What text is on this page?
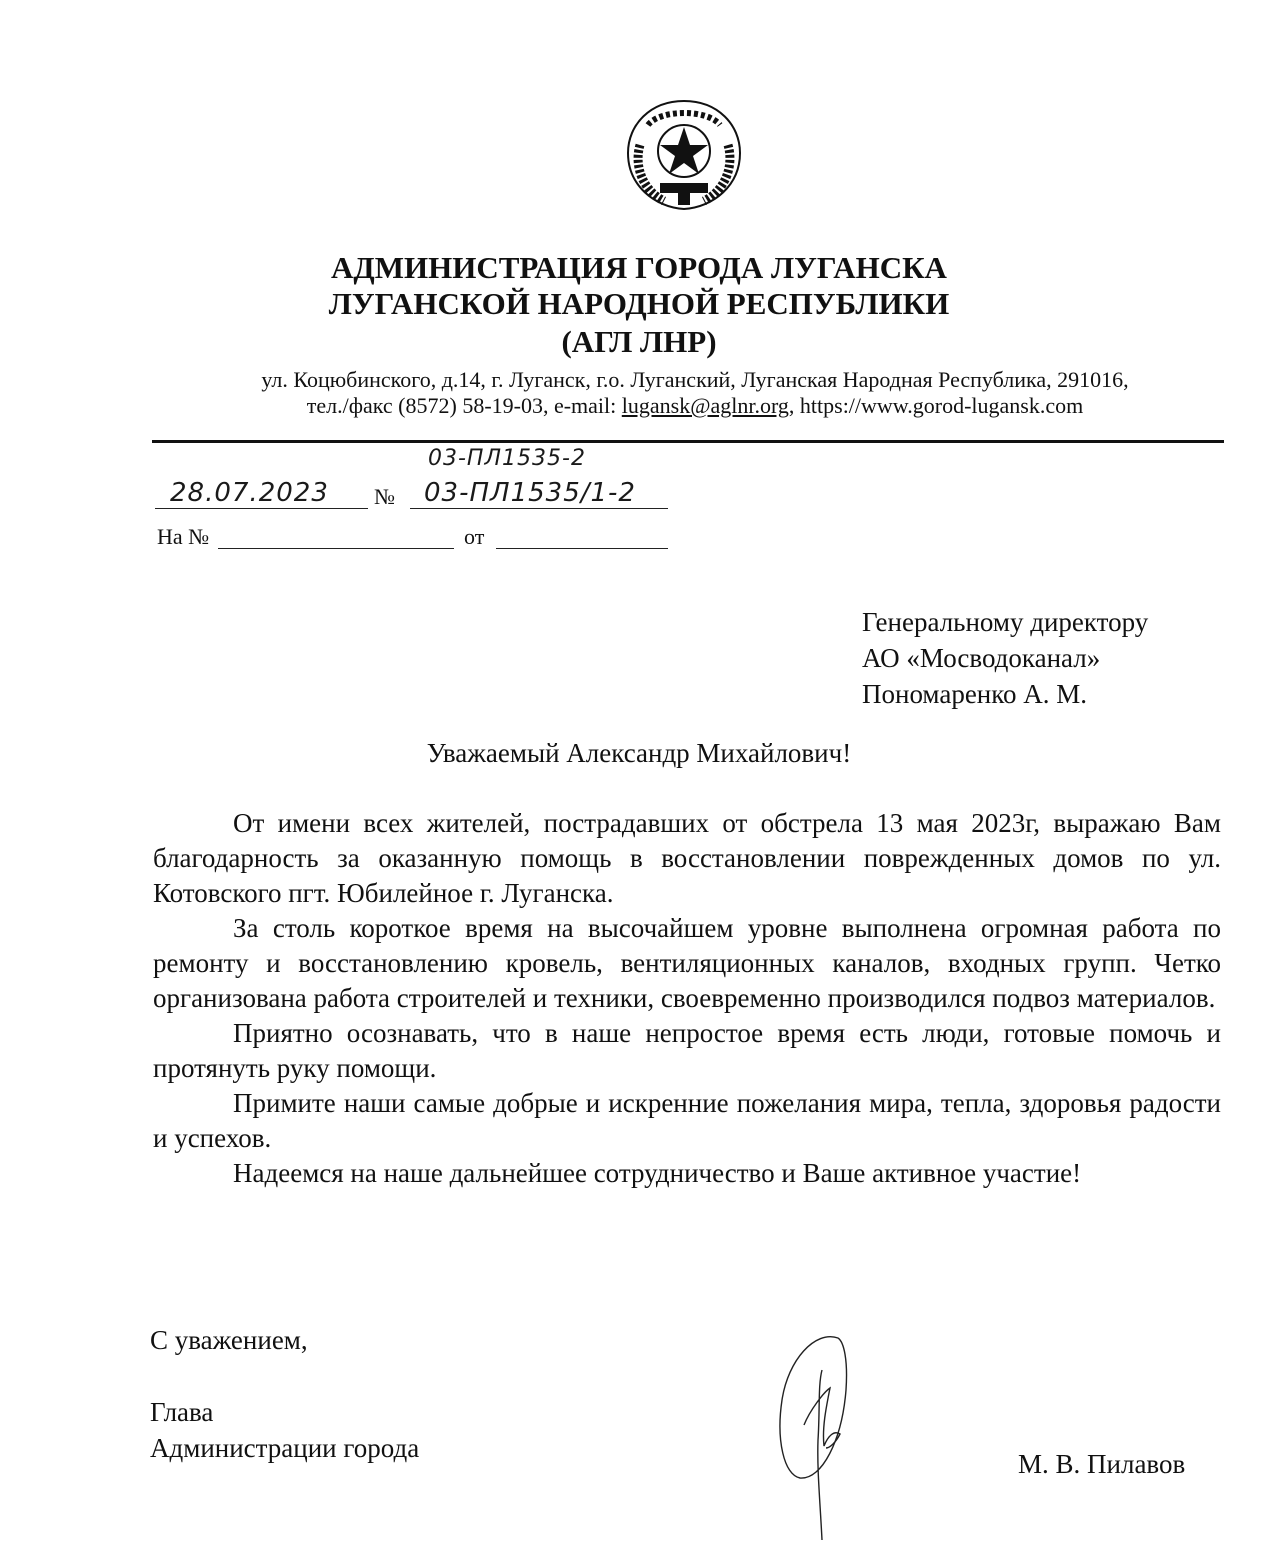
АДМИНИСТРАЦИЯ ГОРОДА ЛУГАНСКА
ЛУГАНСКОЙ НАРОДНОЙ РЕСПУБЛИКИ
(АГЛ ЛНР)
ул. Коцюбинского, д.14, г. Луганск, г.о. Луганский, Луганская Народная Республика, 291016,
тел./факс (8572) 58-19-03, e-mail: lugansk@aglnr.org, https://www.gorod-lugansk.com
03-ПЛ1535-2
28.07.2023 № 03-ПЛ1535/1-2
На №	от
Генеральному директору
АО «Мосводоканал»
Пономаренко А. М.
Уважаемый Александр Михайлович!

От имени всех жителей, пострадавших от обстрела 13 мая 2023г, выражаю Вам благодарность за оказанную помощь в восстановлении поврежденных домов по ул. Котовского пгт. Юбилейное г. Луганска.

За столь короткое время на высочайшем уровне выполнена огромная работа по ремонту и восстановлению кровель, вентиляционных каналов, входных групп. Четко организована работа строителей и техники, своевременно производился подвоз материалов.

Приятно осознавать, что в наше непростое время есть люди, готовые помочь и протянуть руку помощи.

Примите наши самые добрые и искренние пожелания мира, тепла, здоровья радости и успехов.

Надеемся на наше дальнейшее сотрудничество и Ваше активное участие!

С уважением,
Глава
Администрации города
М. В. Пилавов
